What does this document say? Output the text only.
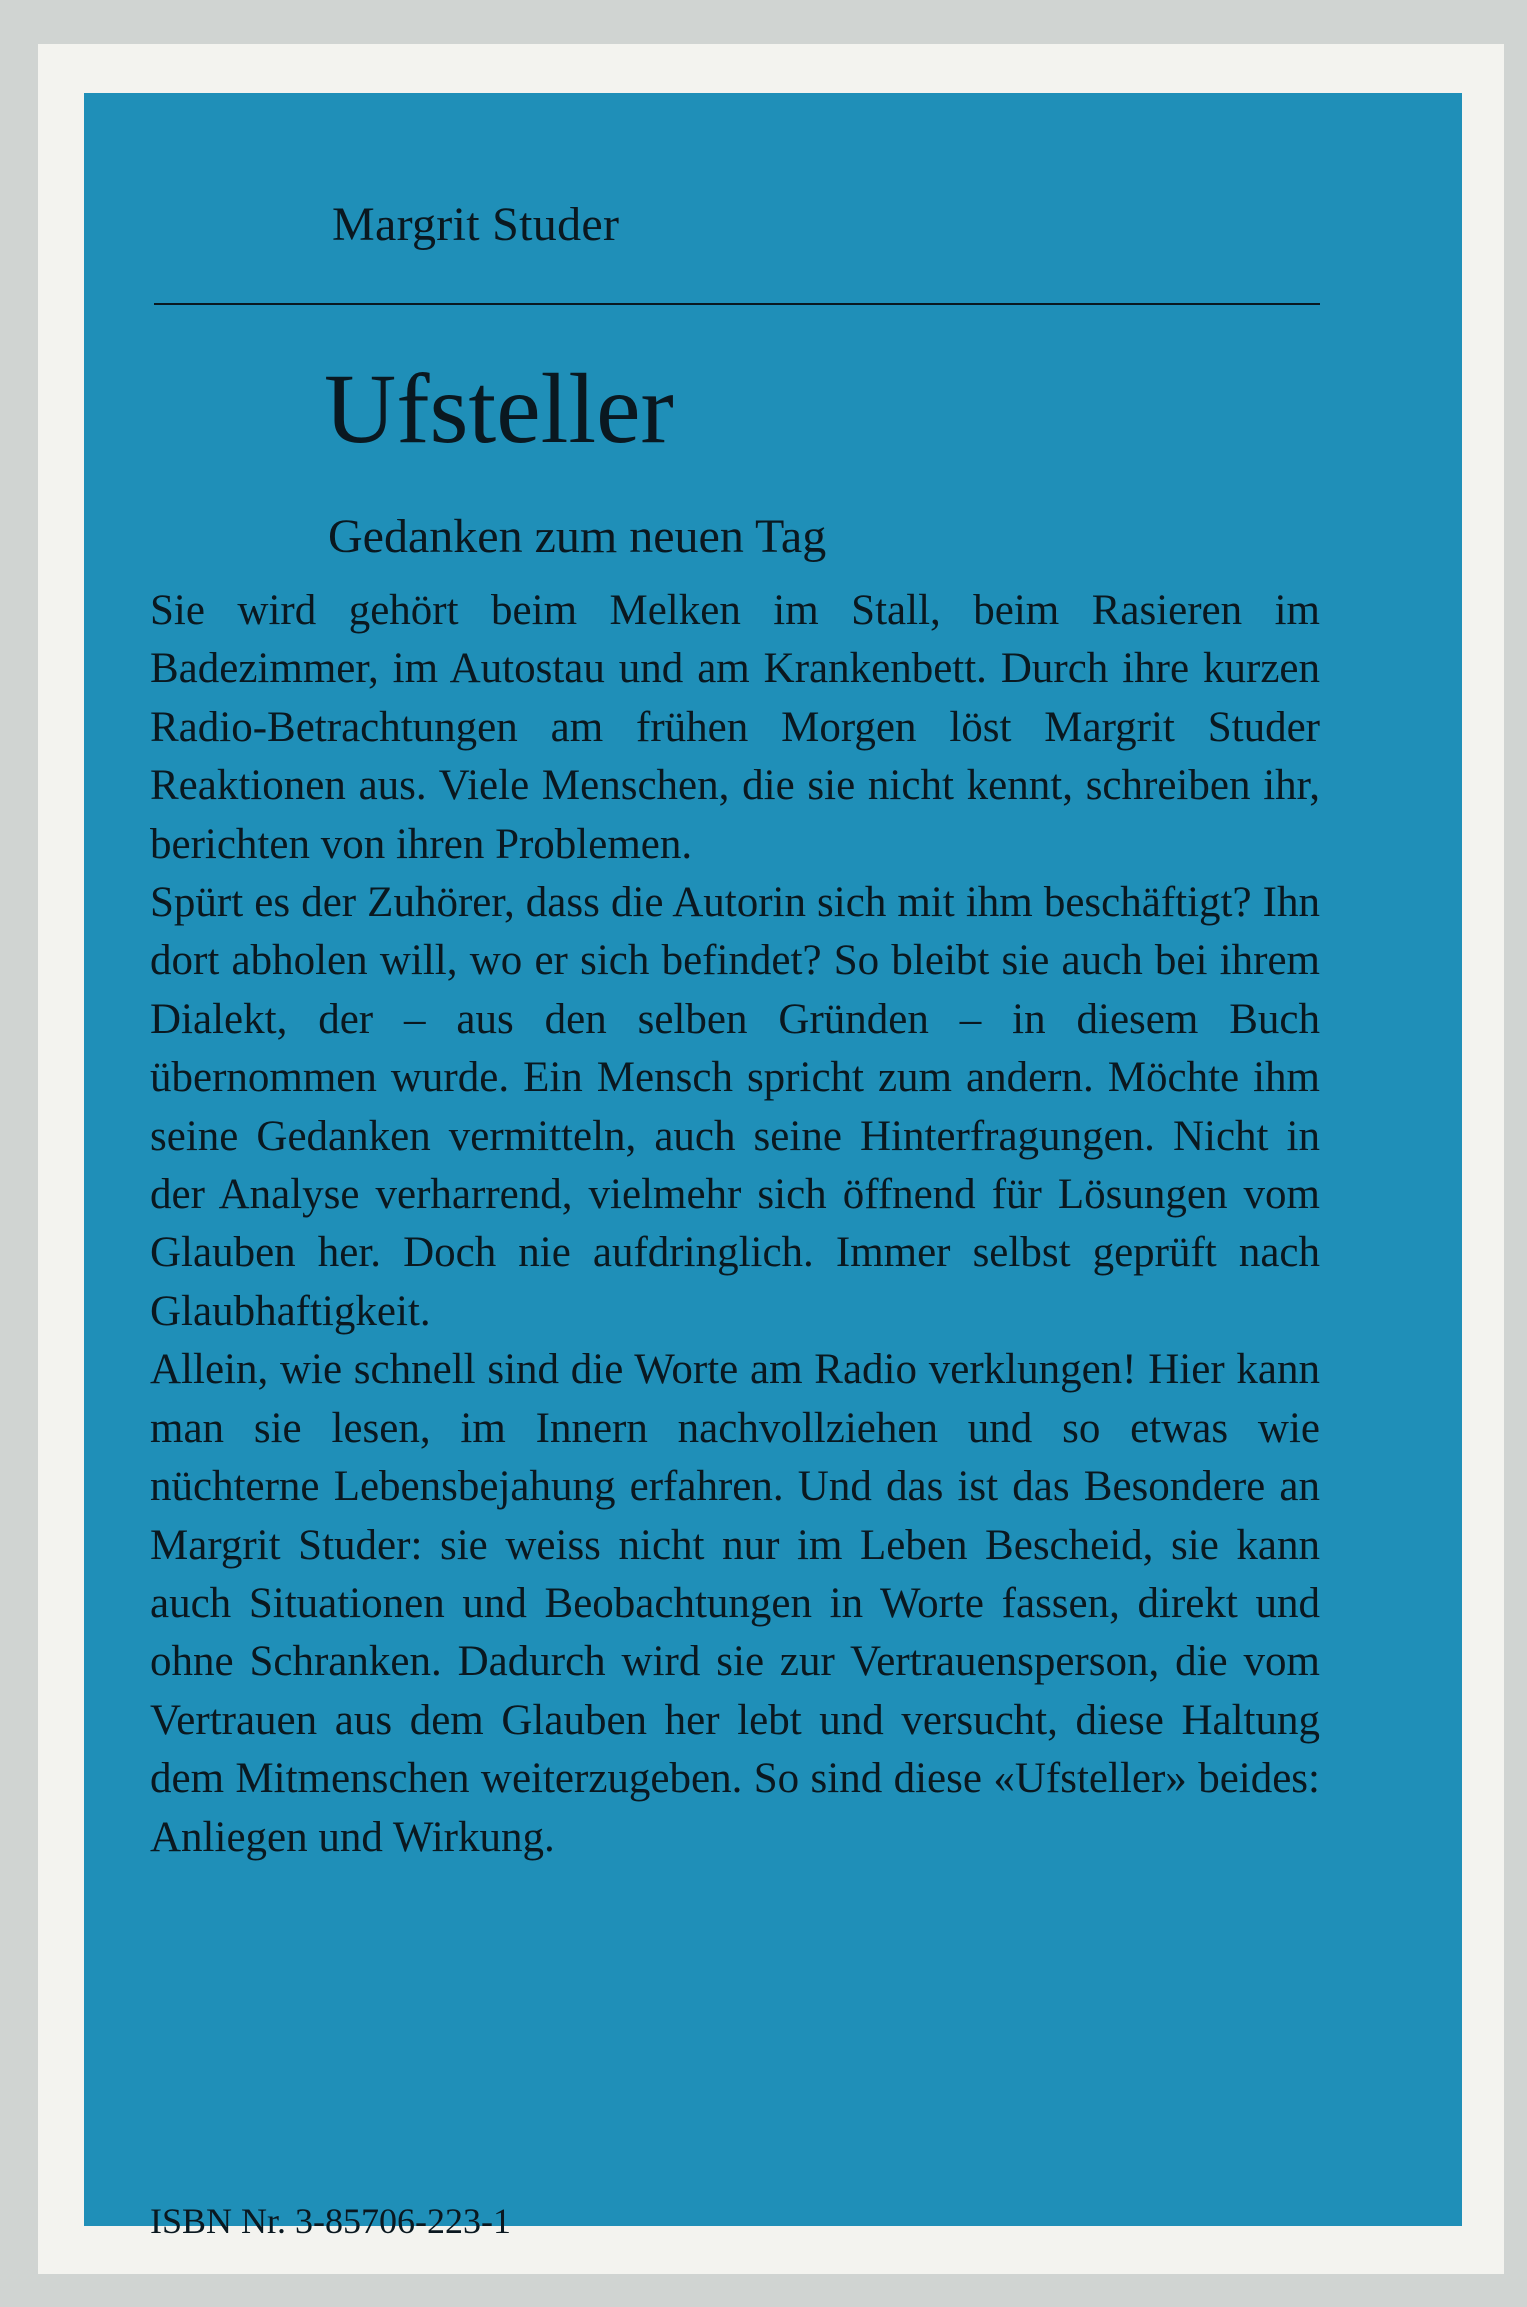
Margrit Studer
Ufsteller
Gedanken zum neuen Tag

Sie wird gehört beim Melken im Stall, beim Rasieren im Badezimmer, im Autostau und am Krankenbett. Durch ihre kurzen Radio-Betrachtungen am frühen Morgen löst Margrit Studer Reaktionen aus. Viele Menschen, die sie nicht kennt, schreiben ihr, berichten von ihren Problemen.

Spürt es der Zuhörer, dass die Autorin sich mit ihm beschäftigt? Ihn dort abholen will, wo er sich befindet? So bleibt sie auch bei ihrem Dialekt, der – aus den selben Gründen – in diesem Buch übernommen wurde. Ein Mensch spricht zum andern. Möchte ihm seine Gedanken vermitteln, auch seine Hinterfragungen. Nicht in der Analyse verharrend, vielmehr sich öffnend für Lösungen vom Glauben her. Doch nie aufdringlich. Immer selbst geprüft nach Glaubhaftigkeit.

Allein, wie schnell sind die Worte am Radio verklungen! Hier kann man sie lesen, im Innern nachvollziehen und so etwas wie nüchterne Lebensbejahung erfahren. Und das ist das Besondere an Margrit Studer: sie weiss nicht nur im Leben Bescheid, sie kann auch Situationen und Beobachtungen in Worte fassen, direkt und ohne Schranken. Dadurch wird sie zur Vertrauensperson, die vom Vertrauen aus dem Glauben her lebt und versucht, diese Haltung dem Mitmenschen weiterzugeben. So sind diese «Ufsteller» beides: Anliegen und Wirkung.

ISBN Nr. 3-85706-223-1
